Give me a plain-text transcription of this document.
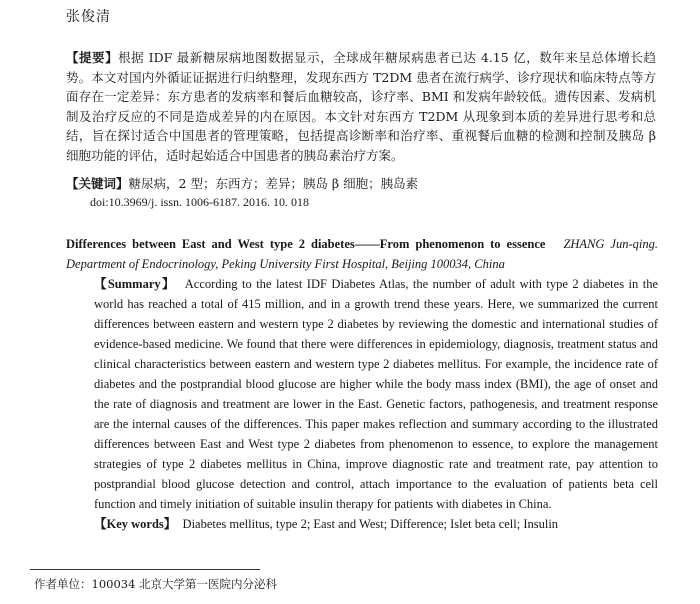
张俊清
【提要】根据 IDF 最新糖尿病地图数据显示，全球成年糖尿病患者已达 4.15 亿，数年来呈总体增长趋势。本文对国内外循证证据进行归纳整理，发现东西方 T2DM 患者在流行病学、诊疗现状和临床特点等方面存在一定差异：东方患者的发病率和餐后血糖较高，诊疗率、BMI 和发病年龄较低。遗传因素、发病机制及治疗反应的不同是造成差异的内在原因。本文针对东西方 T2DM 从现象到本质的差异进行思考和总结，旨在探讨适合中国患者的管理策略，包括提高诊断率和治疗率、重视餐后血糖的检测和控制及胰岛 β 细胞功能的评估，适时起始适合中国患者的胰岛素治疗方案。
【关键词】糖尿病，2 型；东西方；差异；胰岛 β 细胞；胰岛素
doi:10.3969/j. issn. 1006-6187. 2016. 10. 018
Differences between East and West type 2 diabetes——From phenomenon to essence ZHANG Jun-qing. Department of Endocrinology, Peking University First Hospital, Beijing 100034, China
【Summary】 According to the latest IDF Diabetes Atlas, the number of adult with type 2 diabetes in the world has reached a total of 415 million, and in a growth trend these years. Here, we summarized the current differences between eastern and western type 2 diabetes by reviewing the domestic and international studies of evidence-based medicine. We found that there were differences in epidemiology, diagnosis, treatment status and clinical characteristics between eastern and western type 2 diabetes mellitus. For example, the incidence rate of diabetes and the postprandial blood glucose are higher while the body mass index (BMI), the age of onset and the rate of diagnosis and treatment are lower in the East. Genetic factors, pathogenesis, and treatment response are the internal causes of the differences. This paper makes reflection and summary according to the illustrated differences between East and West type 2 diabetes from phenomenon to essence, to explore the management strategies of type 2 diabetes mellitus in China, improve diagnostic rate and treatment rate, pay attention to postprandial blood glucose detection and control, attach importance to the evaluation of patients beta cell function and timely initiation of suitable insulin therapy for patients with diabetes in China.
【Key words】 Diabetes mellitus, type 2; East and West; Difference; Islet beta cell; Insulin
作者单位：100034 北京大学第一医院内分泌科
